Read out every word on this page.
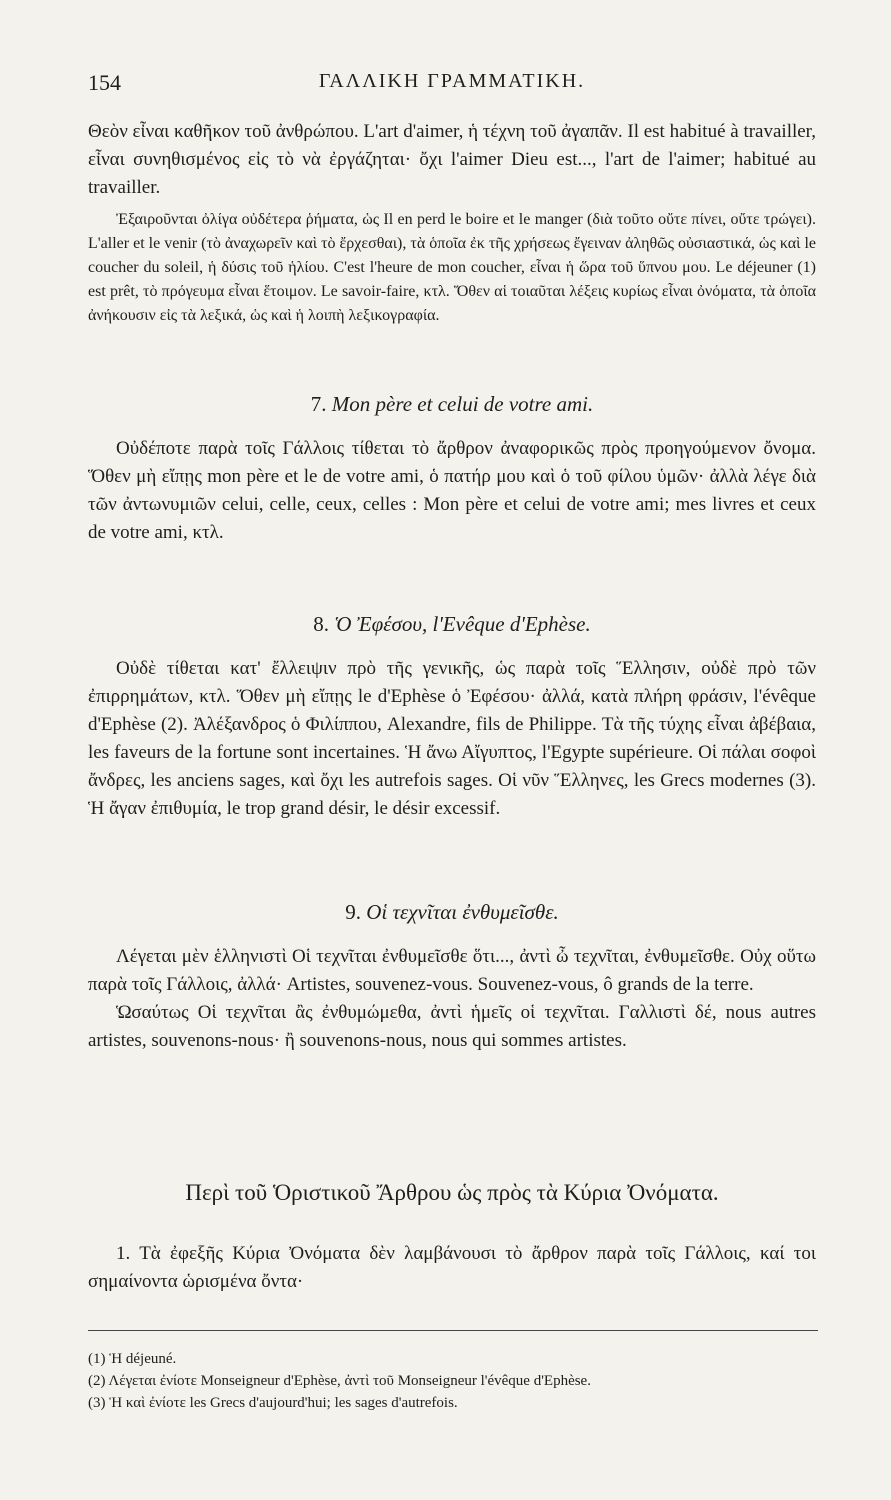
154	ΓΑΛΛΙΚΗ ΓΡΑΜΜΑΤΙΚΗ.

Θεὸν εἶναι καθῆκον τοῦ ἀνθρώπου. L'art d'aimer, ἡ τέχνη τοῦ ἀγαπᾶν. Il est habitué à travailler, εἶναι συνηθισμένος εἰς τὸ νὰ ἐργάζηται· ὄχι l'aimer Dieu est..., l'art de l'aimer; habitué au travailler.

Ἐξαιροῦνται ὀλίγα οὐδέτερα ῥήματα, ὡς Il en perd le boire et le manger (διὰ τοῦτο οὔτε πίνει, οὔτε τρώγει). L'aller et le venir (τὸ ἀναχωρεῖν καὶ τὸ ἔρχεσθαι), τὰ ὁποῖα ἐκ τῆς χρήσεως ἔγειναν ἀληθῶς οὐσιαστικά, ὡς καὶ le coucher du soleil, ἡ δύσις τοῦ ἡλίου. C'est l'heure de mon coucher, εἶναι ἡ ὥρα τοῦ ὕπνου μου. Le déjeuner (1) est prêt, τὸ πρόγευμα εἶναι ἕτοιμον. Le savoir-faire, κτλ. Ὅθεν αἱ τοιαῦται λέξεις κυρίως εἶναι ὀνόματα, τὰ ὁποῖα ἀνήκουσιν εἰς τὰ λεξικά, ὡς καὶ ἡ λοιπὴ λεξικογραφία.

7. Mon père et celui de votre ami.

Οὐδέποτε παρὰ τοῖς Γάλλοις τίθεται τὸ ἄρθρον ἀναφορικῶς πρὸς προηγούμενον ὄνομα. Ὅθεν μὴ εἴπῃς mon père et le de votre ami, ὁ πατήρ μου καὶ ὁ τοῦ φίλου ὑμῶν· ἀλλὰ λέγε διὰ τῶν ἀντωνυμιῶν celui, celle, ceux, celles : Mon père et celui de votre ami; mes livres et ceux de votre ami, κτλ.

8. Ὁ Ἐφέσου, l'Evêque d'Ephèse.

Οὐδὲ τίθεται κατ' ἔλλειψιν πρὸ τῆς γενικῆς, ὡς παρὰ τοῖς Ἕλλησιν, οὐδὲ πρὸ τῶν ἐπιρρημάτων, κτλ. Ὅθεν μὴ εἴπῃς le d'Ephèse ὁ Ἐφέσου· ἀλλά, κατὰ πλήρη φράσιν, l'évêque d'Ephèse (2). Ἀλέξανδρος ὁ Φιλίππου, Alexandre, fils de Philippe. Τὰ τῆς τύχης εἶναι ἀβέβαια, les faveurs de la fortune sont incertaines. Ἡ ἄνω Αἴγυπτος, l'Egypte supérieure. Οἱ πάλαι σοφοὶ ἄνδρες, les anciens sages, καὶ ὄχι les autrefois sages. Οἱ νῦν Ἕλληνες, les Grecs modernes (3). Ἡ ἄγαν ἐπιθυμία, le trop grand désir, le désir excessif.

9. Οἱ τεχνῖται ἐνθυμεῖσθε.

Λέγεται μὲν ἑλληνιστὶ Οἱ τεχνῖται ἐνθυμεῖσθε ὅτι..., ἀντὶ ὦ τεχνῖται, ἐνθυμεῖσθε. Οὐχ οὕτω παρὰ τοῖς Γάλλοις, ἀλλά· Artistes, souvenez-vous. Souvenez-vous, ô grands de la terre.

Ὡσαύτως Οἱ τεχνῖται ἂς ἐνθυμώμεθα, ἀντὶ ἡμεῖς οἱ τεχνῖται. Γαλλιστὶ δέ, nous autres artistes, souvenons-nous· ἢ souvenons-nous, nous qui sommes artistes.

Περὶ τοῦ Ὁριστικοῦ Ἄρθρου ὡς πρὸς τὰ Κύρια Ὀνόματα.

1. Τὰ ἐφεξῆς Κύρια Ὀνόματα δὲν λαμβάνουσι τὸ ἄρθρον παρὰ τοῖς Γάλλοις, καί τοι σημαίνοντα ὡρισμένα ὄντα·

(1) Ἡ déjeuné.

(2) Λέγεται ἐνίοτε Monseigneur d'Ephèse, ἀντὶ τοῦ Monseigneur l'évêque d'Ephèse.

(3) Ἡ καὶ ἐνίοτε les Grecs d'aujourd'hui; les sages d'autrefois.
